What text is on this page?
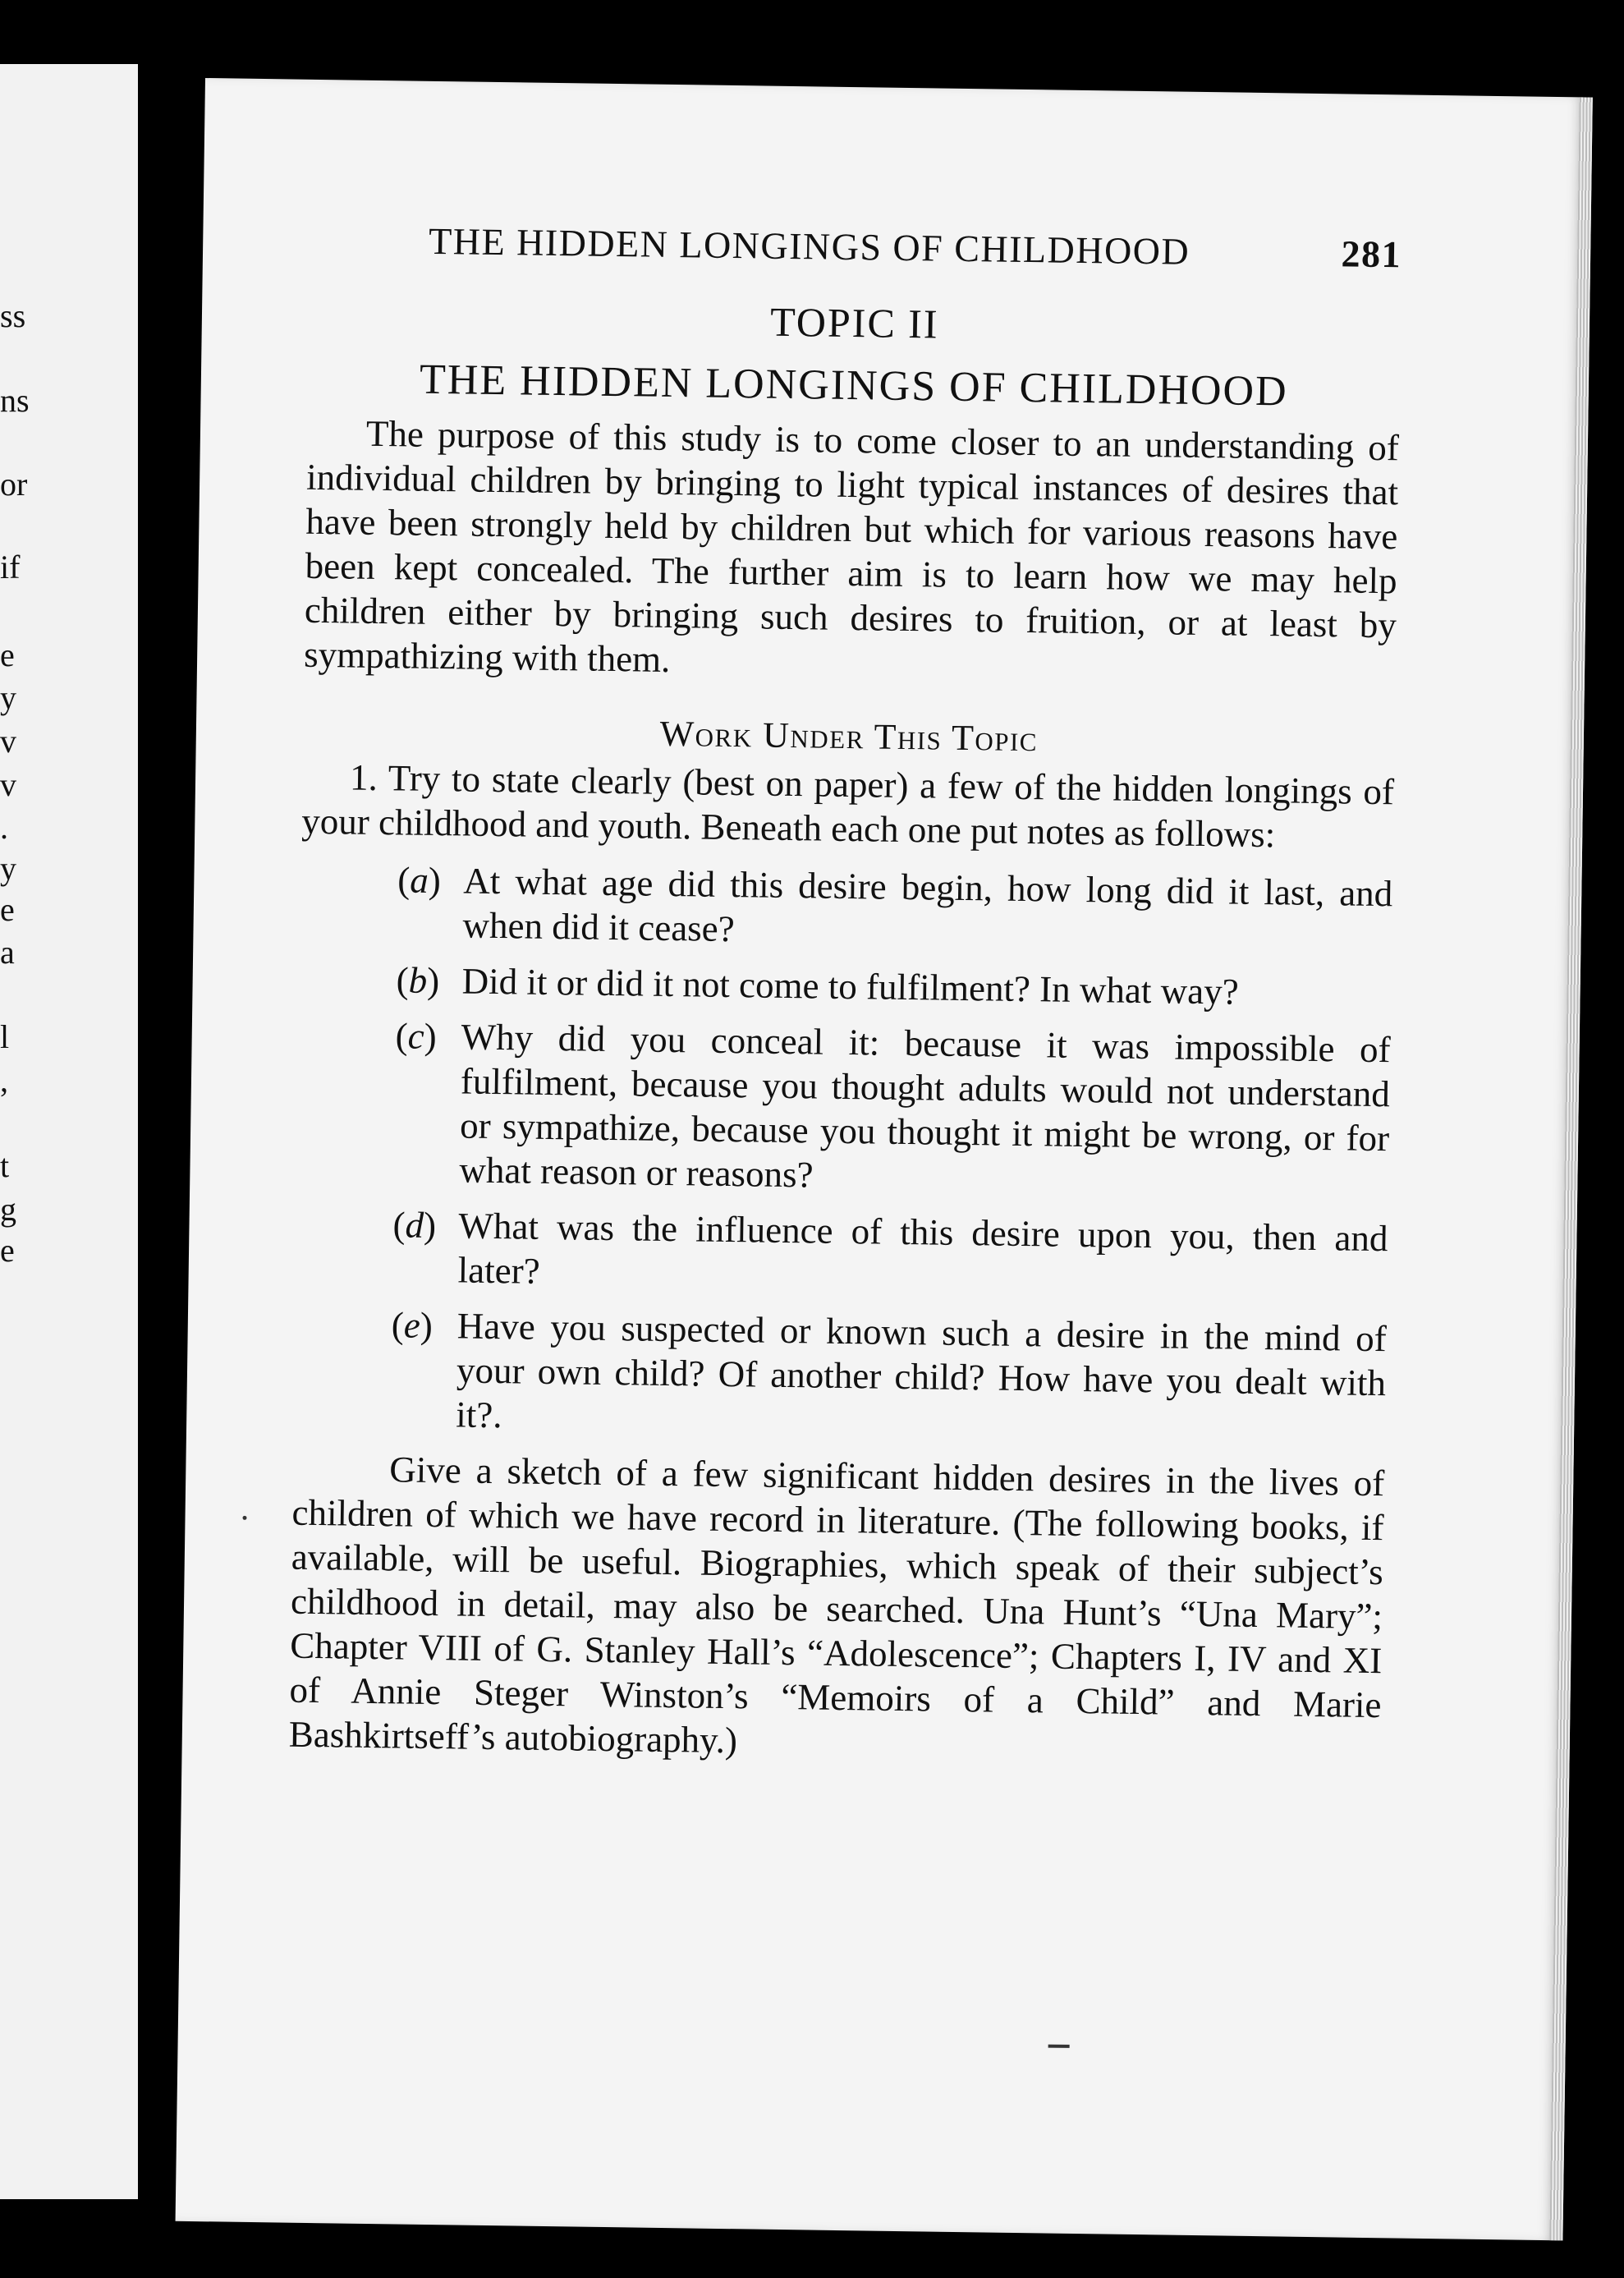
ss
ns
or
if
e
y
v
v
.
y
e
a
l
,
t
g
e
THE HIDDEN LONGINGS OF CHILDHOOD	281
TOPIC II
THE HIDDEN LONGINGS OF CHILDHOOD

The purpose of this study is to come closer to an understanding of individual children by bringing to light typical instances of desires that have been strongly held by children but which for various reasons have been kept concealed. The further aim is to learn how we may help children either by bringing such desires to fruition, or at least by sympathizing with them.

Work Under This Topic

1. Try to state clearly (best on paper) a few of the hidden longings of your childhood and youth. Beneath each one put notes as follows:

(a) At what age did this desire begin, how long did it last, and when did it cease?
(b) Did it or did it not come to fulfilment? In what way?
(c) Why did you conceal it: because it was impossible of fulfilment, because you thought adults would not understand or sympathize, because you thought it might be wrong, or for what reason or reasons?
(d) What was the influence of this desire upon you, then and later?
(e) Have you suspected or known such a desire in the mind of your own child? Of another child? How have you dealt with it?.

Give a sketch of a few significant hidden desires in the lives of children of which we have record in literature. (The following books, if available, will be useful. Biographies, which speak of their subject’s childhood in detail, may also be searched. Una Hunt’s “Una Mary”; Chapter VIII of G. Stanley Hall’s “Adolescence”; Chapters I, IV and XI of Annie Steger Winston’s “Memoirs of a Child” and Marie Bashkirtseff’s autobiography.)
